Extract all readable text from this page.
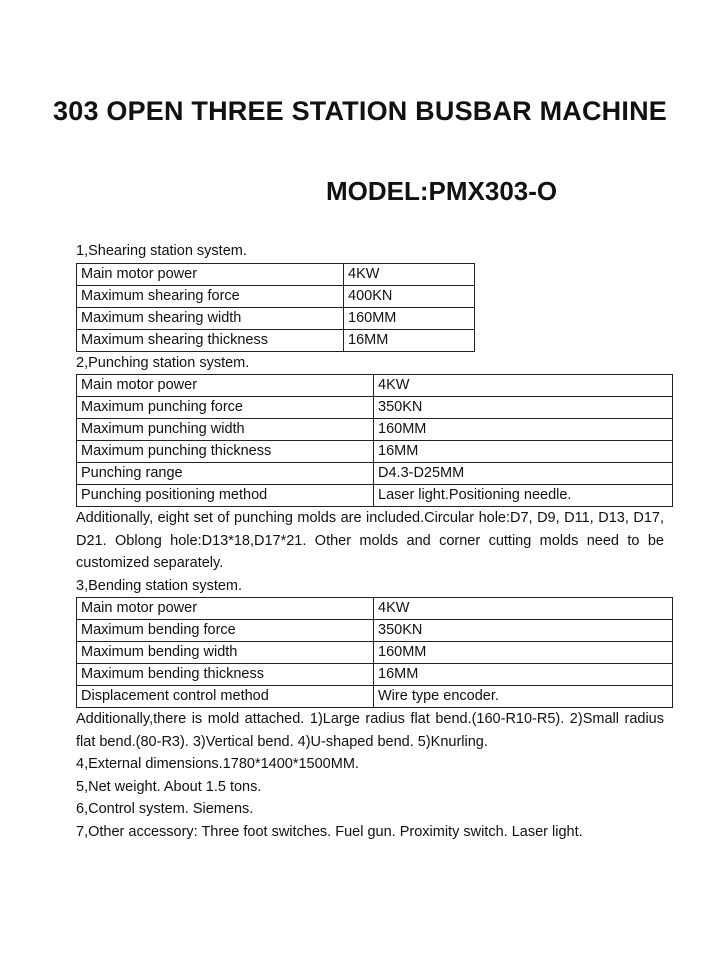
303 OPEN THREE STATION BUSBAR MACHINE
MODEL:PMX303-O
1,Shearing station system.
Main motor power	4KW
Maximum shearing force	400KN
Maximum shearing width	160MM
Maximum shearing thickness	16MM
2,Punching station system.
Main motor power	4KW
Maximum punching force	350KN
Maximum punching width	160MM
Maximum punching thickness	16MM
Punching range	D4.3-D25MM
Punching positioning method	Laser light.Positioning needle.
Additionally, eight set of punching molds are included.Circular hole:D7, D9, D11, D13, D17, D21. Oblong hole:D13*18,D17*21. Other molds and corner cutting molds need to be customized separately.
3,Bending station system.
Main motor power	4KW
Maximum bending force	350KN
Maximum bending width	160MM
Maximum bending thickness	16MM
Displacement control method	Wire type encoder.
Additionally,there is mold attached. 1)Large radius flat bend.(160-R10-R5). 2)Small radius flat bend.(80-R3). 3)Vertical bend. 4)U-shaped bend. 5)Knurling.
4,External dimensions.1780*1400*1500MM.
5,Net weight. About 1.5 tons.
6,Control system. Siemens.
7,Other accessory: Three foot switches. Fuel gun. Proximity switch. Laser light.
